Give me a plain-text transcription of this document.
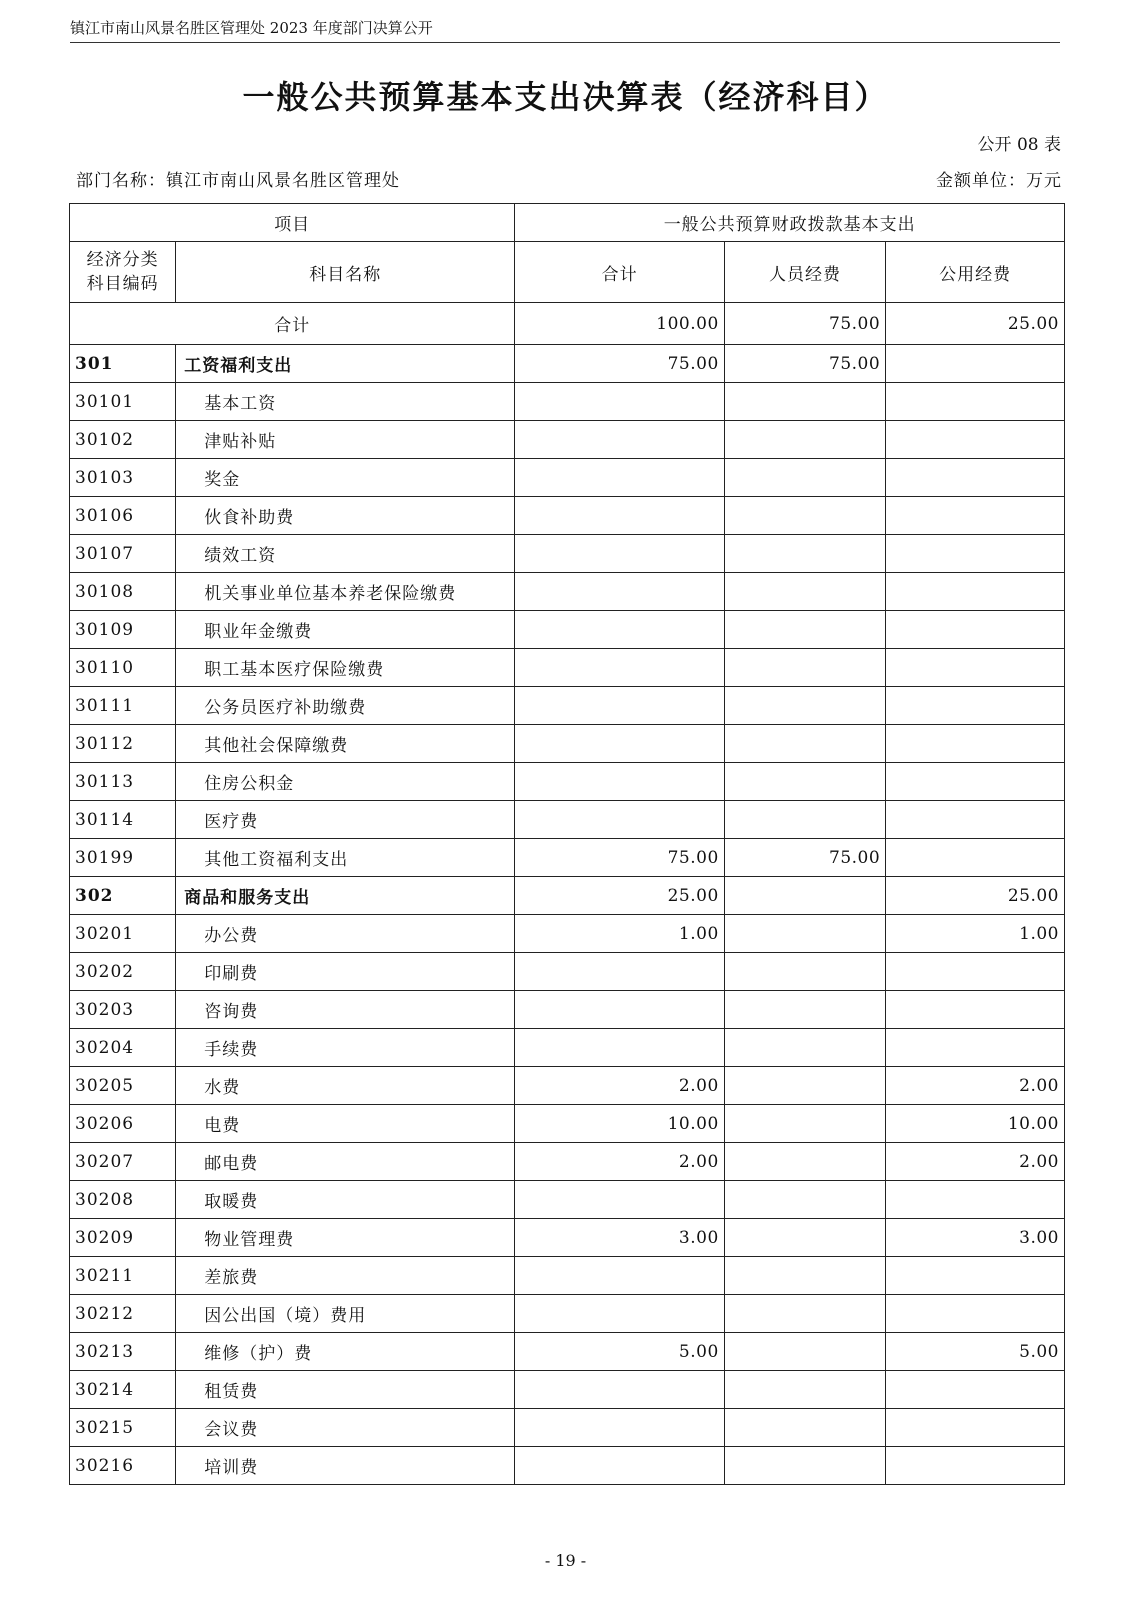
镇江市南山风景名胜区管理处 2023 年度部门决算公开
一般公共预算基本支出决算表（经济科目）
公开 08 表
部门名称：镇江市南山风景名胜区管理处	金额单位：万元
项目		一般公共预算财政拨款基本支出		
经济分类科目编码	科目名称	合计	人员经费	公用经费
合计		100.00	75.00	25.00
301	工资福利支出	75.00	75.00	
30101	基本工资			
30102	津贴补贴			
30103	奖金			
30106	伙食补助费			
30107	绩效工资			
30108	机关事业单位基本养老保险缴费			
30109	职业年金缴费			
30110	职工基本医疗保险缴费			
30111	公务员医疗补助缴费			
30112	其他社会保障缴费			
30113	住房公积金			
30114	医疗费			
30199	其他工资福利支出	75.00	75.00	
302	商品和服务支出	25.00		25.00
30201	办公费	1.00		1.00
30202	印刷费			
30203	咨询费			
30204	手续费			
30205	水费	2.00		2.00
30206	电费	10.00		10.00
30207	邮电费	2.00		2.00
30208	取暖费			
30209	物业管理费	3.00		3.00
30211	差旅费			
30212	因公出国（境）费用			
30213	维修（护）费	5.00		5.00
30214	租赁费			
30215	会议费			
30216	培训费			
- 19 -
